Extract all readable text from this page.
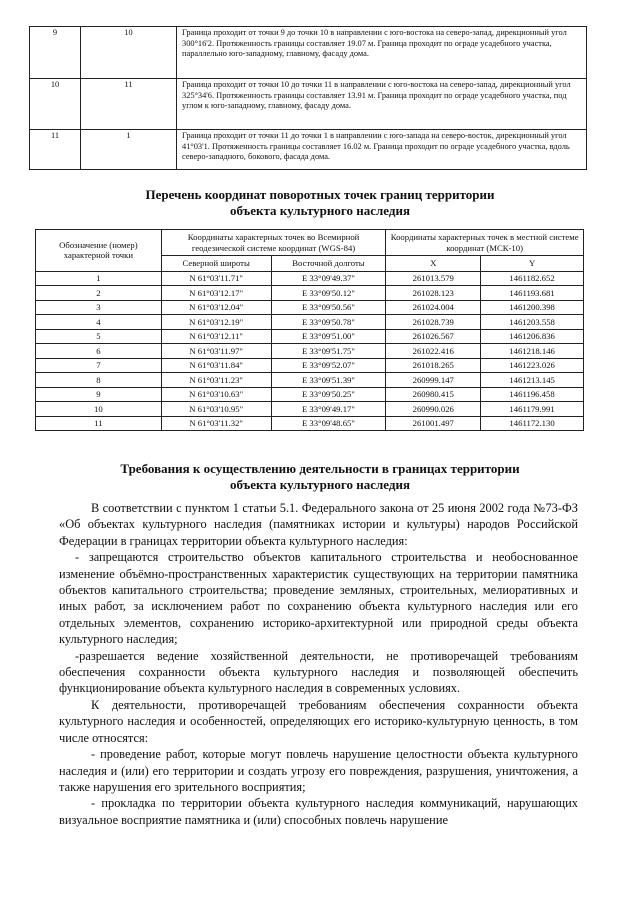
9	10	Граница проходит от точки 9 до точки 10 в направлении с юго-востока на северо-запад, дирекционный угол 300°16'2. Протяженность границы составляет 19.07 м. Граница проходит по ограде усадебного участка, параллельно юго-западному, главному, фасаду дома.
10	11	Граница проходит от точки 10 до точки 11 в направлении с юго-востока на северо-запад, дирекционный угол 325°34'6. Протяженность границы составляет 13.91 м. Граница проходит по ограде усадебного участка, под углом к юго-западному, главному, фасаду дома.
11	1	Граница проходит от точки 11 до точки 1 в направлении с юго-запада на северо-восток, дирекционный угол 41°03'1. Протяженность границы составляет 16.02 м. Граница проходит по ограде усадебного участка, вдоль северо-западного, бокового, фасада дома.
Перечень координат поворотных точек границ территории
объекта культурного наследия
Обозначение (номер) характерной точки	Координаты характерных точек во Всемирной геодезической системе координат (WGS-84)		Координаты характерных точек в местной системе координат (МСК-10)	
	Северной широты	Восточной долготы	X	Y
1	N 61°03'11.71"	E 33°09'49.37"	261013.579	1461182.652
2	N 61°03'12.17"	E 33°09'50.12"	261028.123	1461193.681
3	N 61°03'12.04"	E 33°09'50.56"	261024.004	1461200.398
4	N 61°03'12.19"	E 33°09'50.78"	261028.739	1461203.558
5	N 61°03'12.11"	E 33°09'51.00"	261026.567	1461206.836
6	N 61°03'11.97"	E 33°09'51.75"	261022.416	1461218.146
7	N 61°03'11.84"	E 33°09'52.07"	261018.265	1461223.026
8	N 61°03'11.23"	E 33°09'51.39"	260999.147	1461213.145
9	N 61°03'10.63"	E 33°09'50.25"	260980.415	1461196.458
10	N 61°03'10.95"	E 33°09'49.17"	260990.026	1461179.991
11	N 61°03'11.32"	E 33°09'48.65"	261001.497	1461172.130
Требования к осуществлению деятельности в границах территории
объекта культурного наследия

В соответствии с пунктом 1 статьи 5.1. Федерального закона от 25 июня 2002 года №73-ФЗ «Об объектах культурного наследия (памятниках истории и культуры) народов Российской Федерации в границах территории объекта культурного наследия:

- запрещаются строительство объектов капитального строительства и необоснованное изменение объёмно-пространственных характеристик существующих на территории памятника объектов капитального строительства; проведение земляных, строительных, мелиоративных и иных работ, за исключением работ по сохранению объекта культурного наследия или его отдельных элементов, сохранению историко-архитектурной или природной среды объекта культурного наследия;

-разрешается ведение хозяйственной деятельности, не противоречащей требованиям обеспечения сохранности объекта культурного наследия и позволяющей обеспечить функционирование объекта культурного наследия в современных условиях.

К деятельности, противоречащей требованиям обеспечения сохранности объекта культурного наследия и особенностей, определяющих его историко-культурную ценность, в том числе относятся:

- проведение работ, которые могут повлечь нарушение целостности объекта культурного наследия и (или) его территории и создать угрозу его повреждения, разрушения, уничтожения, а также нарушения его зрительного восприятия;

- прокладка по территории объекта культурного наследия коммуникаций, нарушающих визуальное восприятие памятника и (или) способных повлечь нарушение
